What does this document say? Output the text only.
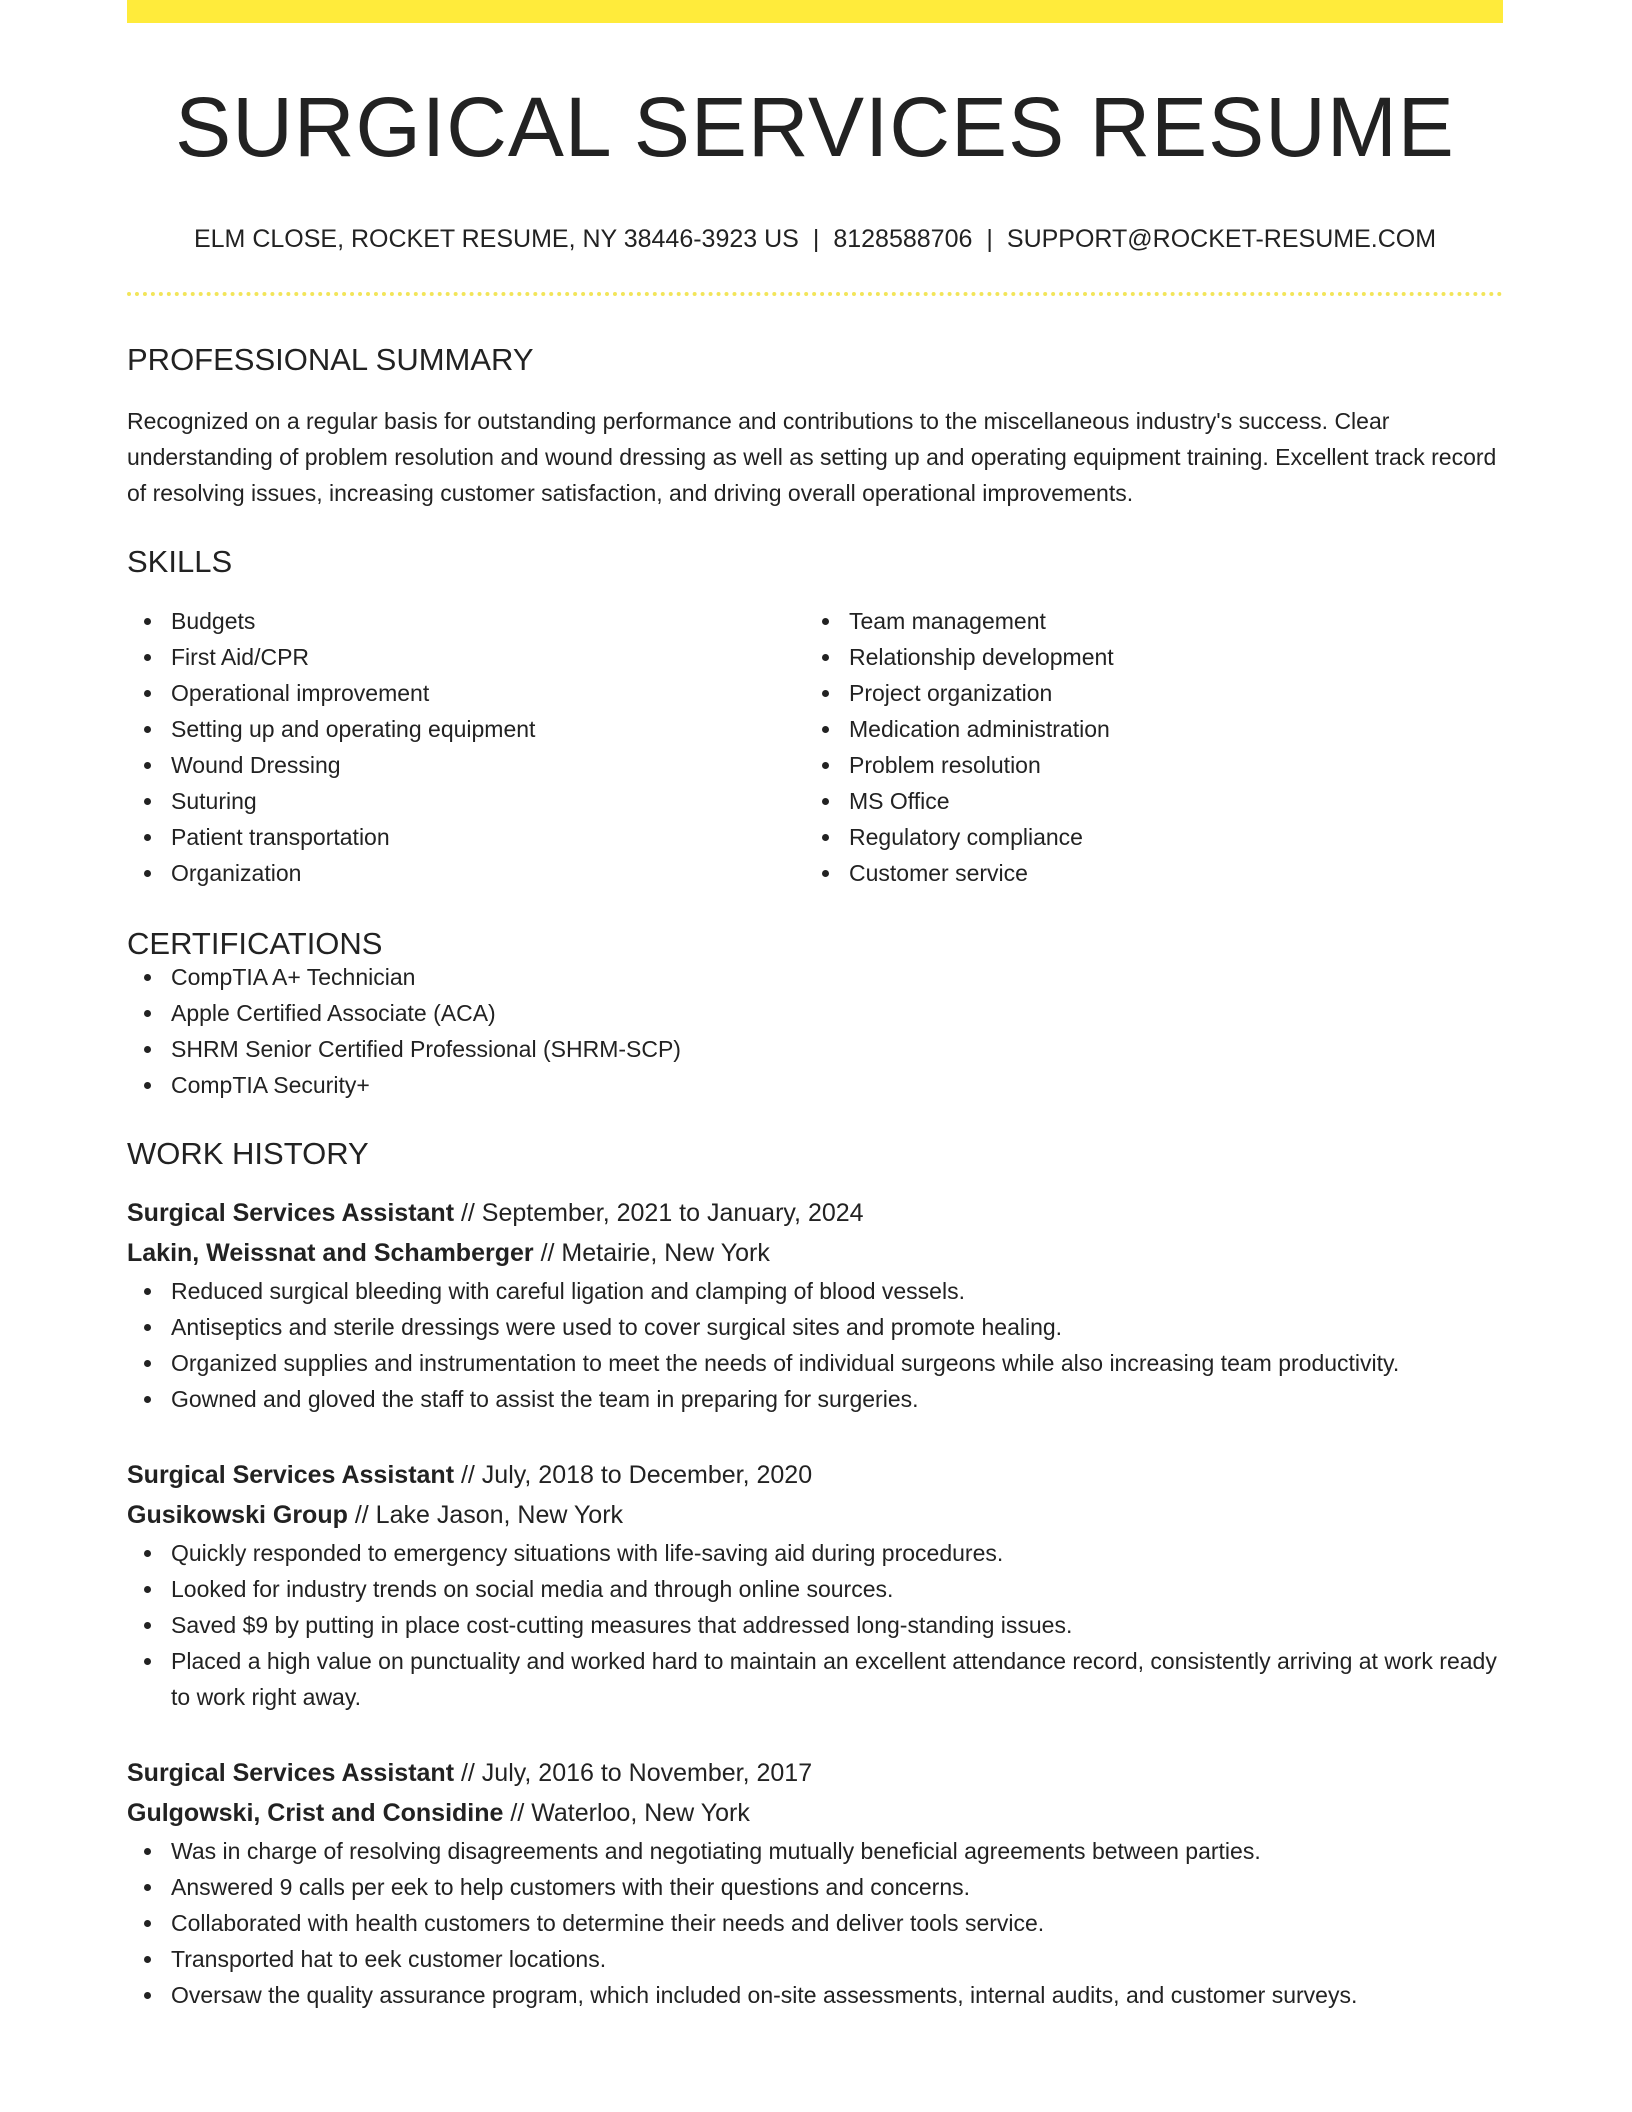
SURGICAL SERVICES RESUME
ELM CLOSE, ROCKET RESUME, NY 38446-3923 US | 8128588706 | SUPPORT@ROCKET-RESUME.COM
PROFESSIONAL SUMMARY

Recognized on a regular basis for outstanding performance and contributions to the miscellaneous industry's success. Clear understanding of problem resolution and wound dressing as well as setting up and operating equipment training. Excellent track record of resolving issues, increasing customer satisfaction, and driving overall operational improvements.

SKILLS
Budgets
First Aid/CPR
Operational improvement
Setting up and operating equipment
Wound Dressing
Suturing
Patient transportation
Organization
Team management
Relationship development
Project organization
Medication administration
Problem resolution
MS Office
Regulatory compliance
Customer service
CERTIFICATIONS
CompTIA A+ Technician
Apple Certified Associate (ACA)
SHRM Senior Certified Professional (SHRM-SCP)
CompTIA Security+
WORK HISTORY
Surgical Services Assistant // September, 2021 to January, 2024
Lakin, Weissnat and Schamberger // Metairie, New York
Reduced surgical bleeding with careful ligation and clamping of blood vessels.
Antiseptics and sterile dressings were used to cover surgical sites and promote healing.
Organized supplies and instrumentation to meet the needs of individual surgeons while also increasing team productivity.
Gowned and gloved the staff to assist the team in preparing for surgeries.
Surgical Services Assistant // July, 2018 to December, 2020
Gusikowski Group // Lake Jason, New York
Quickly responded to emergency situations with life-saving aid during procedures.
Looked for industry trends on social media and through online sources.
Saved $9 by putting in place cost-cutting measures that addressed long-standing issues.
Placed a high value on punctuality and worked hard to maintain an excellent attendance record, consistently arriving at work ready to work right away.
Surgical Services Assistant // July, 2016 to November, 2017
Gulgowski, Crist and Considine // Waterloo, New York
Was in charge of resolving disagreements and negotiating mutually beneficial agreements between parties.
Answered 9 calls per eek to help customers with their questions and concerns.
Collaborated with health customers to determine their needs and deliver tools service.
Transported hat to eek customer locations.
Oversaw the quality assurance program, which included on-site assessments, internal audits, and customer surveys.
